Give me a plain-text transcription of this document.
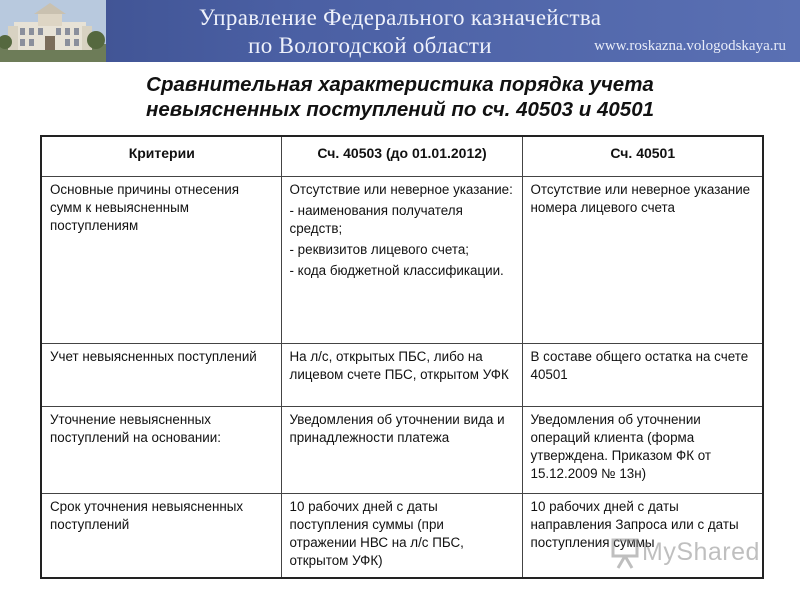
Управление Федерального казначейства
по Вологодской области	www.roskazna.vologodskaya.ru
Сравнительная характеристика порядка учета
невыясненных поступлений по сч. 40503 и 40501
Критерии	Сч. 40503 (до 01.01.2012)	Сч. 40501
Основные причины отнесения сумм к невыясненным поступлениям	Отсутствие или неверное указание:

- наименования получателя средств;

- реквизитов лицевого счета;

- кода бюджетной классификации.	Отсутствие или неверное указание номера лицевого счета
Учет невыясненных поступлений	На л/с, открытых ПБС, либо на лицевом счете ПБС, открытом УФК	В составе общего остатка на счете 40501
Уточнение невыясненных поступлений на основании:	Уведомления об уточнении вида и принадлежности платежа	Уведомления об уточнении операций клиента (форма утверждена. Приказом ФК от 15.12.2009 № 13н)
Срок уточнения невыясненных поступлений	10 рабочих дней с даты поступления суммы (при отражении НВС на л/с ПБС, открытом УФК)	10 рабочих дней с даты направления Запроса или с даты поступления суммы
MyShared
